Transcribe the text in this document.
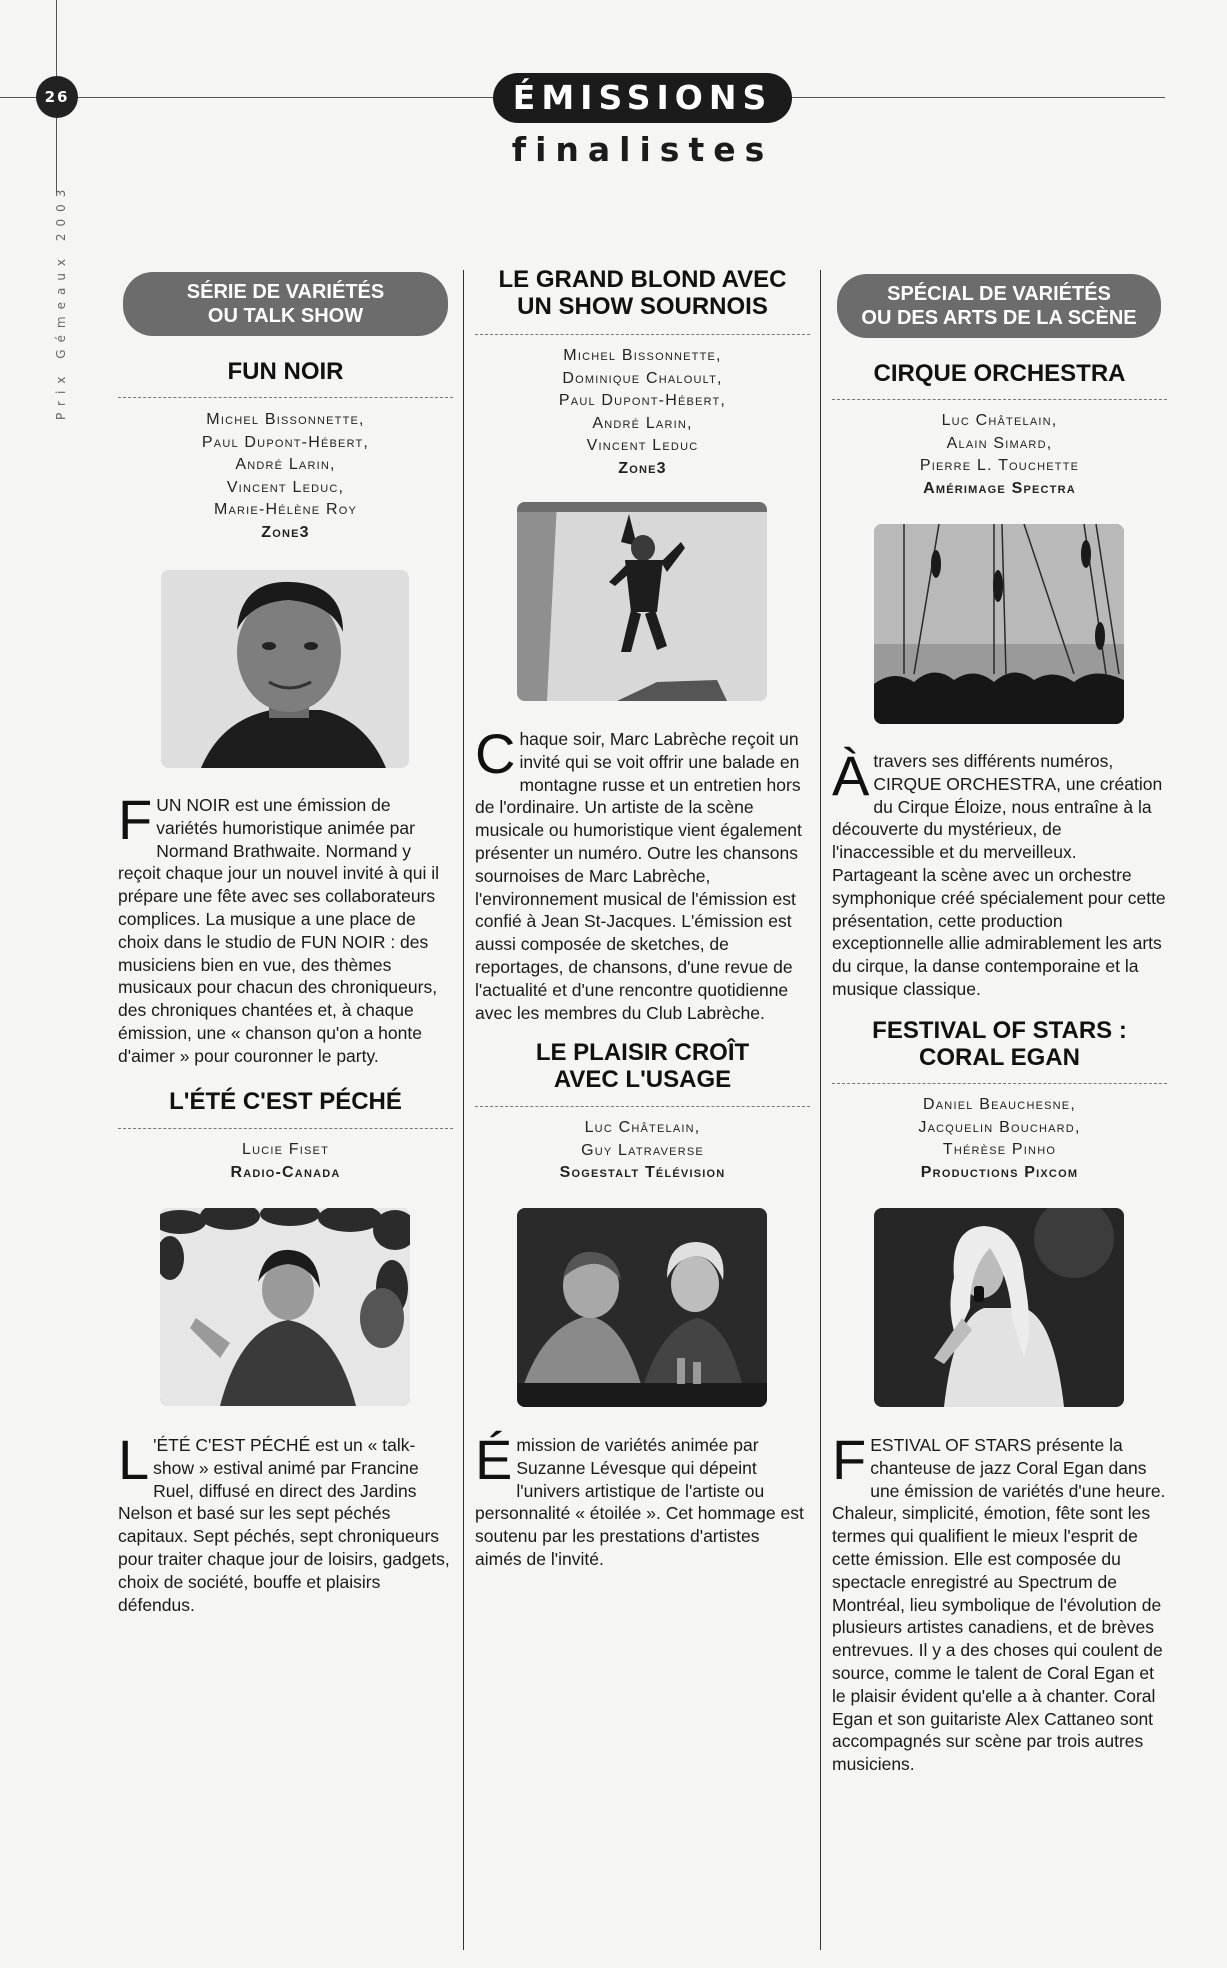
26
Prix Gémeaux 2003
ÉMISSIONS
finalistes
SÉRIE DE VARIÉTÉS
OU TALK SHOW
FUN NOIR
Michel Bissonnette,
Paul Dupont-Hébert,
André Larin,
Vincent Leduc,
Marie-Hélène Roy
Zone3
FUN NOIR est une émission de variétés humoristique animée par Normand Brathwaite. Normand y reçoit chaque jour un nouvel invité à qui il prépare une fête avec ses collaborateurs complices. La musique a une place de choix dans le studio de FUN NOIR : des musiciens bien en vue, des thèmes musicaux pour chacun des chroniqueurs, des chroniques chantées et, à chaque émission, une « chanson qu'on a honte d'aimer » pour couronner le party.
L'ÉTÉ C'EST PÉCHÉ
Lucie Fiset
Radio-Canada
L 'ÉTÉ C'EST PÉCHÉ est un « talk-show » estival animé par Francine Ruel, diffusé en direct des Jardins Nelson et basé sur les sept péchés capitaux. Sept péchés, sept chroniqueurs pour traiter chaque jour de loisirs, gadgets, choix de société, bouffe et plaisirs défendus.
LE GRAND BLOND AVEC
UN SHOW SOURNOIS
Michel Bissonnette,
Dominique Chaloult,
Paul Dupont-Hébert,
André Larin,
Vincent Leduc
Zone3
Chaque soir, Marc Labrèche reçoit un invité qui se voit offrir une balade en montagne russe et un entretien hors de l'ordinaire. Un artiste de la scène musicale ou humoristique vient également présenter un numéro. Outre les chansons sournoises de Marc Labrèche, l'environnement musical de l'émission est confié à Jean St-Jacques. L'émission est aussi composée de sketches, de reportages, de chansons, d'une revue de l'actualité et d'une rencontre quotidienne avec les membres du Club Labrèche.
LE PLAISIR CROÎT
AVEC L'USAGE
Luc Châtelain,
Guy Latraverse
Sogestalt Télévision
Émission de variétés animée par Suzanne Lévesque qui dépeint l'univers artistique de l'artiste ou personnalité « étoilée ». Cet hommage est soutenu par les prestations d'artistes aimés de l'invité.
SPÉCIAL DE VARIÉTÉS
OU DES ARTS DE LA SCÈNE
CIRQUE ORCHESTRA
Luc Châtelain,
Alain Simard,
Pierre L. Touchette
Amérimage Spectra
À travers ses différents numéros, CIRQUE ORCHESTRA, une création du Cirque Éloize, nous entraîne à la découverte du mystérieux, de l'inaccessible et du merveilleux. Partageant la scène avec un orchestre symphonique créé spécialement pour cette présentation, cette production exceptionnelle allie admirablement les arts du cirque, la danse contemporaine et la musique classique.
FESTIVAL OF STARS :
CORAL EGAN
Daniel Beauchesne,
Jacquelin Bouchard,
Thérèse Pinho
Productions Pixcom
FESTIVAL OF STARS présente la chanteuse de jazz Coral Egan dans une émission de variétés d'une heure. Chaleur, simplicité, émotion, fête sont les termes qui qualifient le mieux l'esprit de cette émission. Elle est composée du spectacle enregistré au Spectrum de Montréal, lieu symbolique de l'évolution de plusieurs artistes canadiens, et de brèves entrevues. Il y a des choses qui coulent de source, comme le talent de Coral Egan et le plaisir évident qu'elle a à chanter. Coral Egan et son guitariste Alex Cattaneo sont accompagnés sur scène par trois autres musiciens.
